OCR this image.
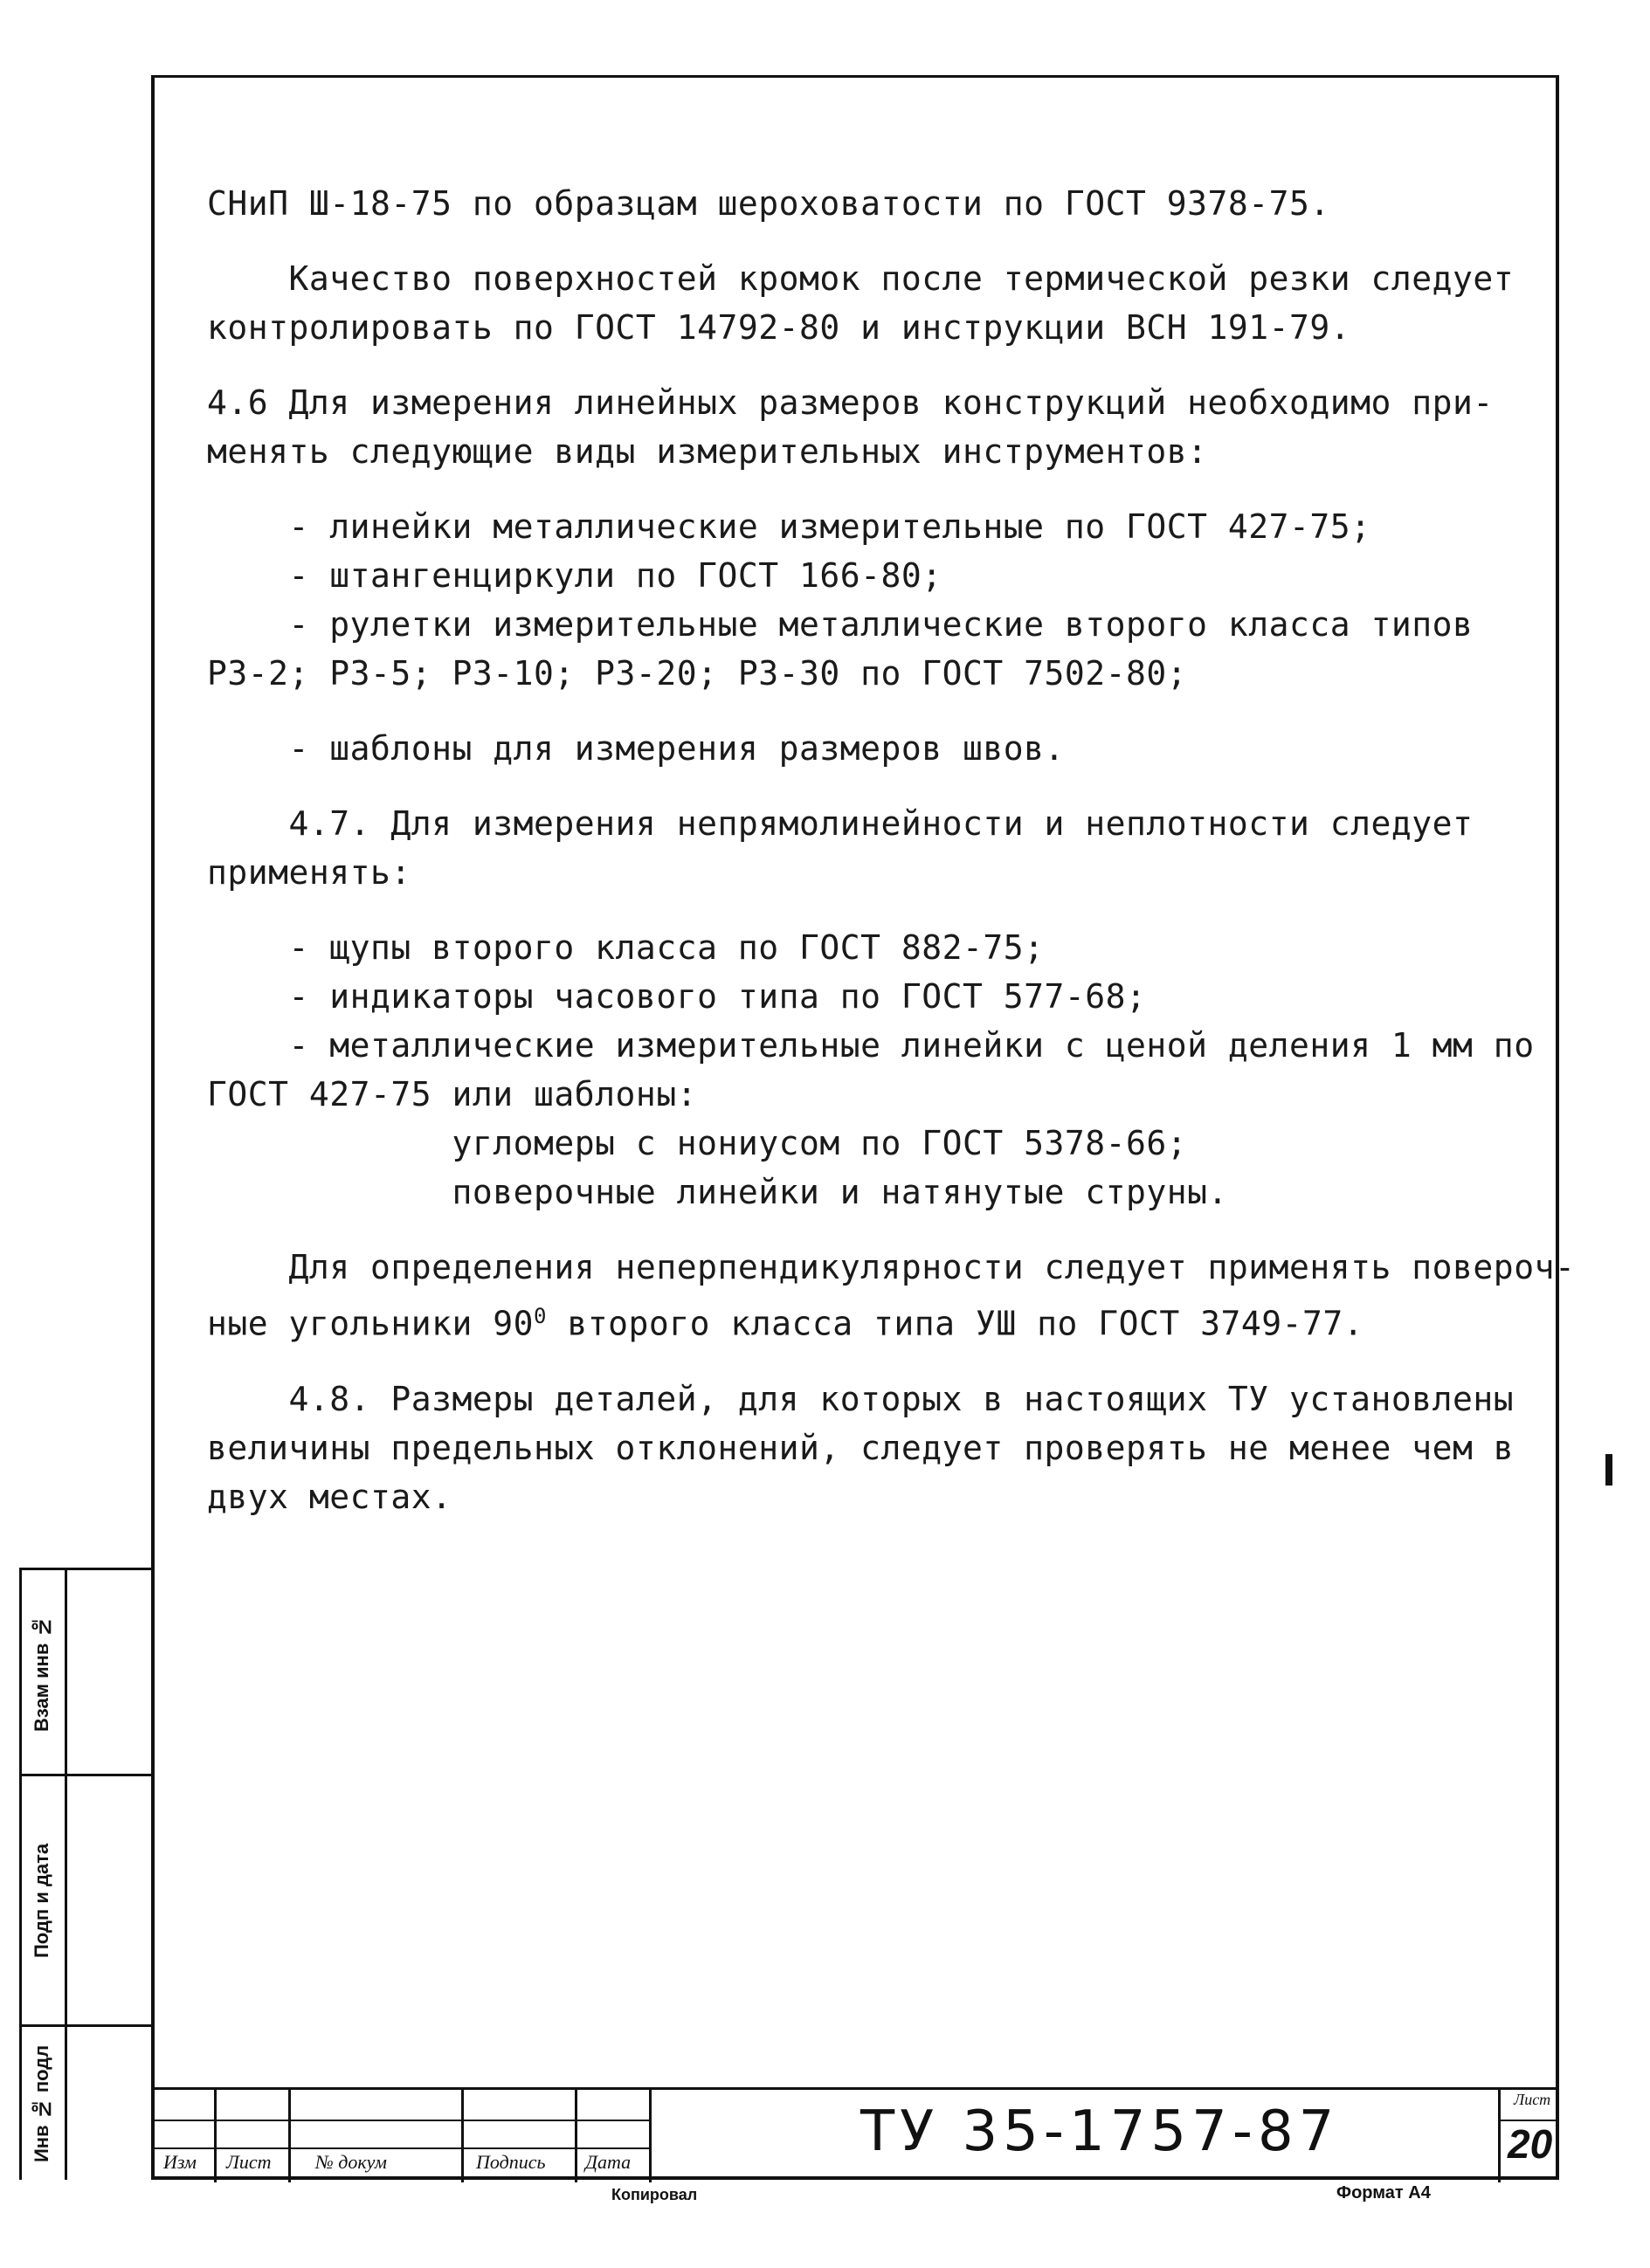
СНиП Ш-18-75 по образцам шероховатости по ГОСТ 9378-75.

Качество поверхностей кромок после термической резки следует

контролировать по ГОСТ 14792-80 и инструкции ВСН 191-79.

4.6 Для измерения линейных размеров конструкций необходимо при-

менять следующие виды измерительных инструментов:

- линейки металлические измерительные по ГОСТ 427-75;

- штангенциркули по ГОСТ 166-80;

- рулетки измерительные металлические второго класса типов

РЗ-2; РЗ-5; РЗ-10; РЗ-20; РЗ-30 по ГОСТ 7502-80;

- шаблоны для измерения размеров швов.

4.7. Для измерения непрямолинейности и неплотности следует

применять:

- щупы второго класса по ГОСТ 882-75;

- индикаторы часового типа по ГОСТ 577-68;

- металлические измерительные линейки с ценой деления 1 мм по

ГОСТ 427-75 или шаблоны:

угломеры с нониусом по ГОСТ 5378-66;

поверочные линейки и натянутые струны.

Для определения неперпендикулярности следует применять повероч-

ные угольники $90^0$ второго класса типа УШ по ГОСТ 3749-77.

4.8. Размеры деталей, для которых в настоящих ТУ установлены

величины предельных отклонений, следует проверять не менее чем в

двух местах.

Взам инв №
Подп и дата
Инв № подл	Изм Лист № докум	Подпись Дата	ТУ 35-1757-87	Лист
20
Копировал	Формат А4
